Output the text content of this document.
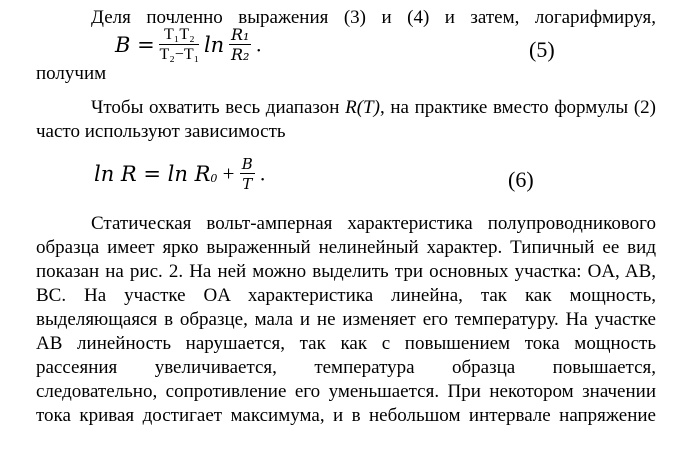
Деля почленно выражения (3) и (4) и затем, логарифмируя,
$B = \frac{\text{T₁T₂}}{\text{T₂−T₁}}$ $\ln \frac{\text{R₁}}{\text{R₂}}$ .	(5)
получим
Чтобы охватить весь диапазон R(T), на практике вместо формулы (2)
часто используют зависимость
$\ln R = \ln R_0 + \frac{B}{T}$ .	(6)
Статическая вольт-амперная характеристика полупроводникового
образца имеет ярко выраженный нелинейный характер. Типичный ее вид
показан на рис. 2. На ней можно выделить три основных участка: OA, AB,
BC. На участке OA характеристика линейна, так как мощность,
выделяющаяся в образце, мала и не изменяет его температуру. На участке
AB линейность нарушается, так как с повышением тока мощность
рассеяния увеличивается, температура образца повышается,
следовательно, сопротивление его уменьшается. При некотором значении
тока кривая достигает максимума, и в небольшом интервале напряжение
